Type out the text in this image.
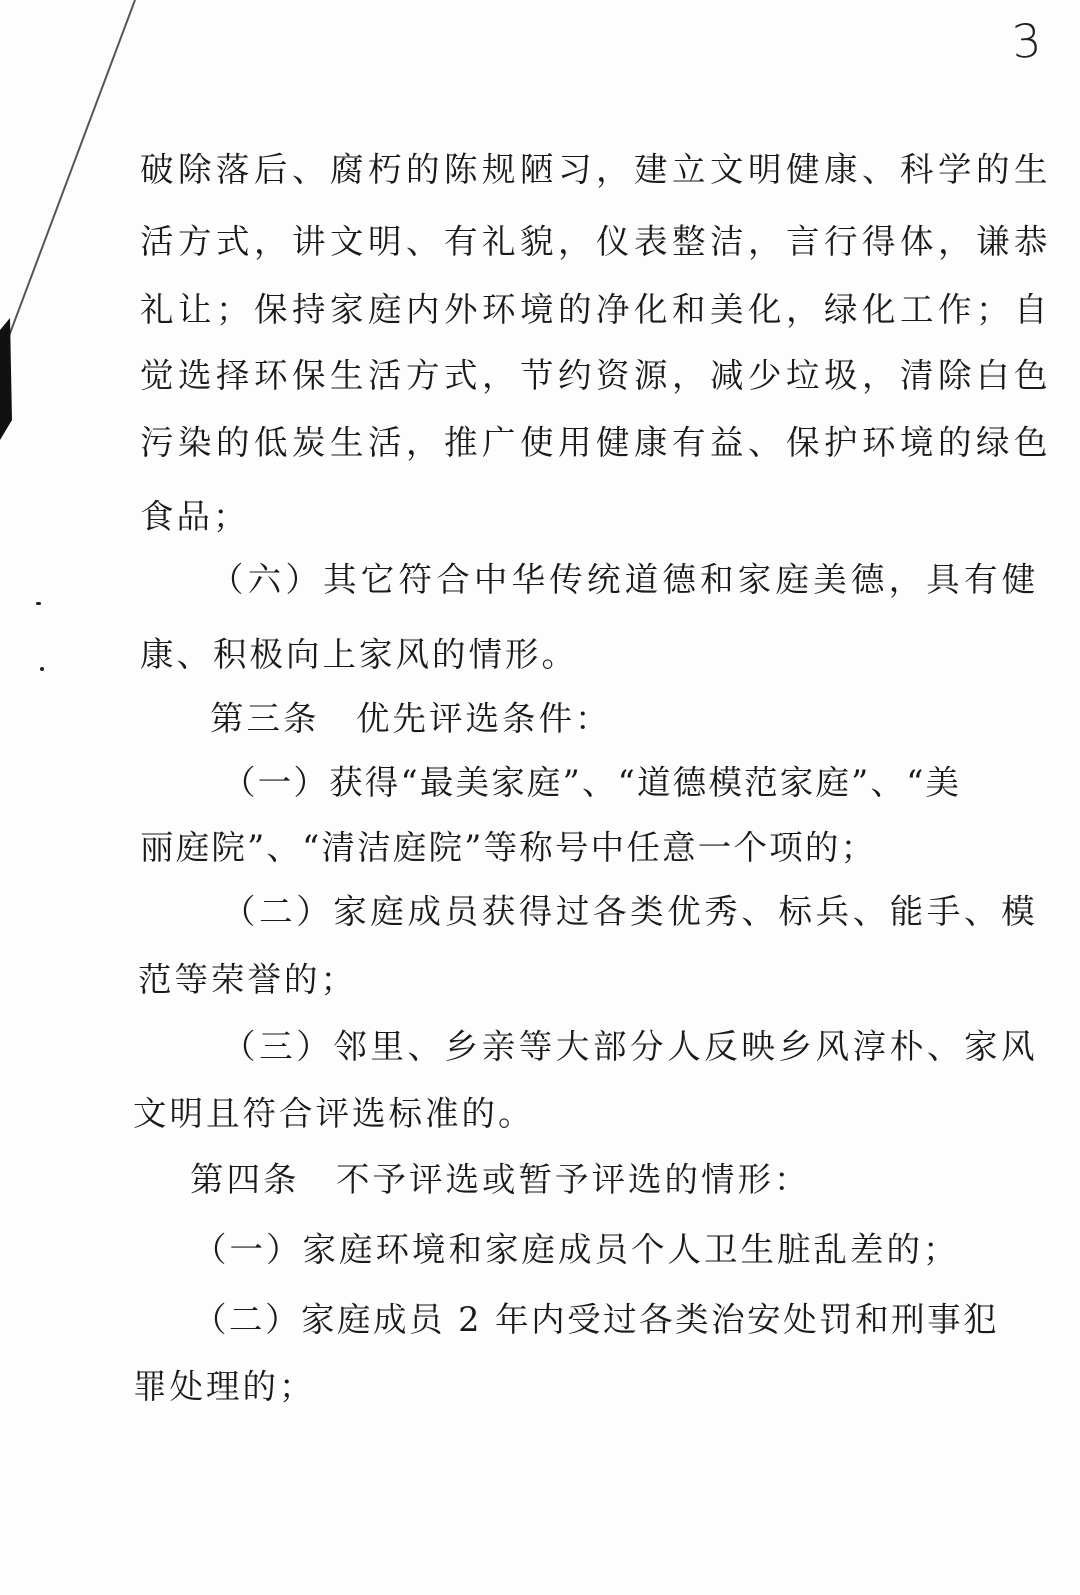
3
破除落后、腐朽的陈规陋习，建立文明健康、科学的生
活方式，讲文明、有礼貌，仪表整洁，言行得体，谦恭
礼让；保持家庭内外环境的净化和美化，绿化工作；自
觉选择环保生活方式，节约资源，减少垃圾，清除白色
污染的低炭生活，推广使用健康有益、保护环境的绿色
食品；
（六）其它符合中华传统道德和家庭美德，具有健
康、积极向上家风的情形。
第三条　优先评选条件：
（一）获得“最美家庭”、“道德模范家庭”、“美
丽庭院”、“清洁庭院”等称号中任意一个项的；
（二）家庭成员获得过各类优秀、标兵、能手、模
范等荣誉的；
（三）邻里、乡亲等大部分人反映乡风淳朴、家风
文明且符合评选标准的。
第四条　不予评选或暂予评选的情形：
（一）家庭环境和家庭成员个人卫生脏乱差的；
（二）家庭成员 2 年内受过各类治安处罚和刑事犯
罪处理的；
